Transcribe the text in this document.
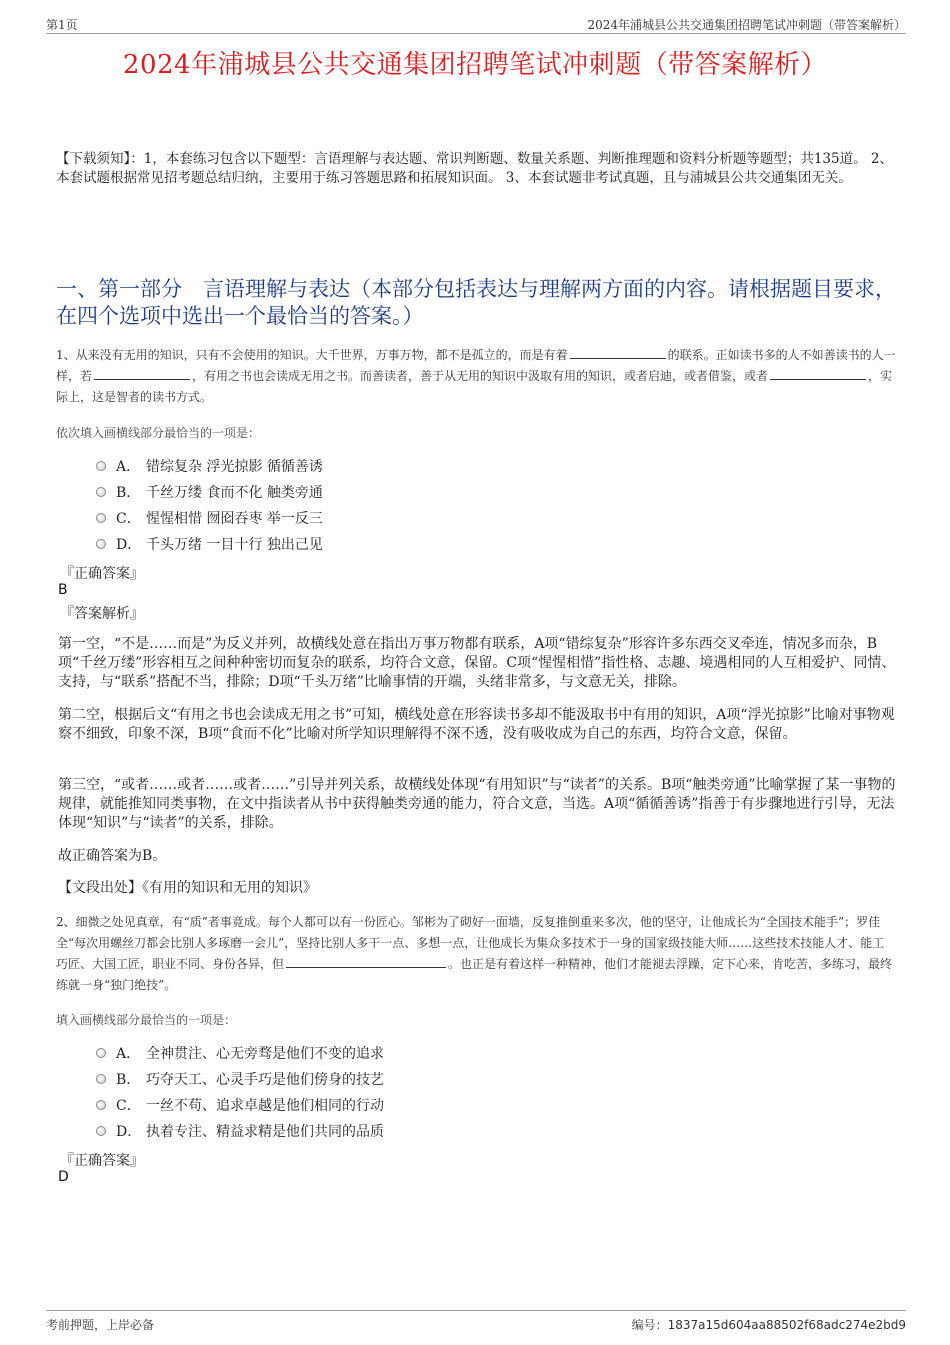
第1页	2024年浦城县公共交通集团招聘笔试冲刺题（带答案解析）
2024年浦城县公共交通集团招聘笔试冲刺题（带答案解析）
【下载须知】：1，本套练习包含以下题型：言语理解与表达题、常识判断题、数量关系题、判断推理题和资料分析题等题型；共135道。 2、本套试题根据常见招考题总结归纳，主要用于练习答题思路和拓展知识面。 3、本套试题非考试真题，且与浦城县公共交通集团无关。
一、第一部分　言语理解与表达（本部分包括表达与理解两方面的内容。请根据题目要求，在四个选项中选出一个最恰当的答案。）
1、从来没有无用的知识，只有不会使用的知识。大千世界，万事万物，都不是孤立的，而是有着	的联系。正如读书多的人不如善读书的人一样，若	，有用之书也会读成无用之书。而善读者，善于从无用的知识中汲取有用的知识，或者启迪，或者借鉴，或者	，实际上，这是智者的读书方式。
依次填入画横线部分最恰当的一项是：
A． 错综复杂 浮光掠影 循循善诱
B． 千丝万缕 食而不化 触类旁通
C． 惺惺相惜 囫囵吞枣 举一反三
D． 千头万绪 一目十行 独出己见
『正确答案』
B
『答案解析』
第一空，“不是……而是”为反义并列，故横线处意在指出万事万物都有联系，A项“错综复杂”形容许多东西交叉牵连，情况多而杂，B项“千丝万缕”形容相互之间种种密切而复杂的联系，均符合文意，保留。C项“惺惺相惜”指性格、志趣、境遇相同的人互相爱护、同情、支持，与“联系”搭配不当，排除；D项“千头万绪”比喻事情的开端，头绪非常多，与文意无关，排除。
第二空，根据后文“有用之书也会读成无用之书”可知，横线处意在形容读书多却不能汲取书中有用的知识，A项“浮光掠影”比喻对事物观察不细致，印象不深，B项“食而不化”比喻对所学知识理解得不深不透，没有吸收成为自己的东西，均符合文意，保留。
第三空，“或者……或者……或者……”引导并列关系，故横线处体现“有用知识”与“读者”的关系。B项“触类旁通”比喻掌握了某一事物的规律，就能推知同类事物，在文中指读者从书中获得触类旁通的能力，符合文意，当选。A项“循循善诱”指善于有步骤地进行引导，无法体现“知识”与“读者”的关系，排除。
故正确答案为B。
【文段出处】《有用的知识和无用的知识》
2、细微之处见真章，有“质”者事竟成。每个人都可以有一份匠心。邹彬为了砌好一面墙，反复推倒重来多次，他的坚守，让他成长为“全国技术能手”；罗佳全“每次用螺丝刀都会比别人多琢磨一会儿”，坚持比别人多干一点、多想一点，让他成长为集众多技术于一身的国家级技能大师……这些技术技能人才、能工巧匠、大国工匠，职业不同、身份各异，但	。也正是有着这样一种精神，他们才能褪去浮躁，定下心来，肯吃苦，多练习，最终练就一身“独门绝技”。
填入画横线部分最恰当的一项是：
A． 全神贯注、心无旁骛是他们不变的追求
B． 巧夺天工、心灵手巧是他们傍身的技艺
C． 一丝不苟、追求卓越是他们相同的行动
D． 执着专注、精益求精是他们共同的品质
『正确答案』
D
考前押题，上岸必备	编号：1837a15d604aa88502f68adc274e2bd9
